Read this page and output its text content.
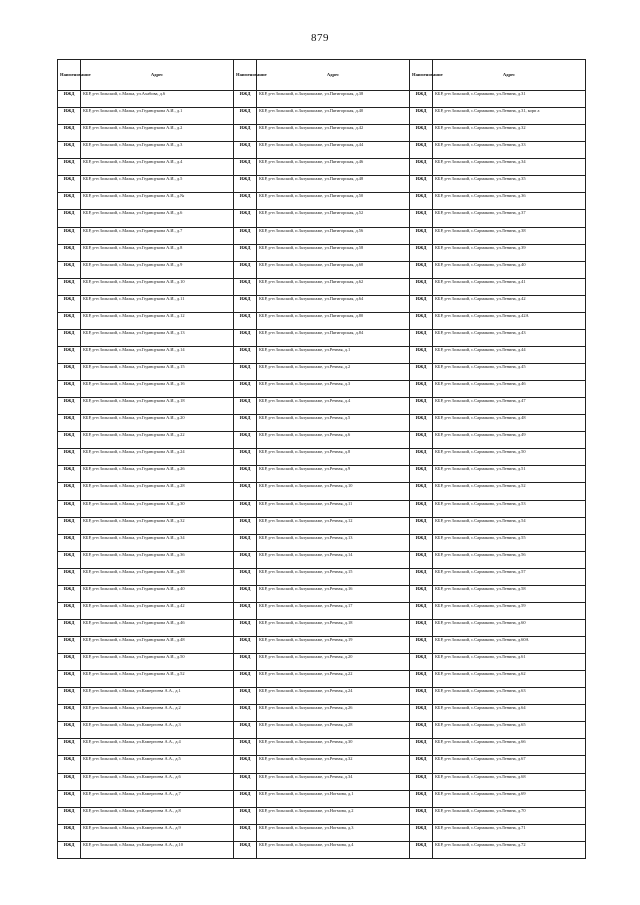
879
Наименование	Адрес	Наименование	Адрес	Наименование	Адрес
ИЖД	КБР, р-н Зольский, с.Малка, ул.Ахабова, д.6	ИЖД	КБР, р-н Зольский, п.Залукокоаже, ул.Пятигорская, д.38	ИЖД	КБР, р-н Зольский, с.Сармаково, ул.Ленина, д.31
ИЖД	КБР, р-н Зольский, с.Малка, ул.Геданцукова А.И., д.1	ИЖД	КБР, р-н Зольский, п.Залукокоаже, ул.Пятигорская, д.40	ИЖД	КБР, р-н Зольский, с.Сармаково, ул.Ленина, д.31, корп а
ИЖД	КБР, р-н Зольский, с.Малка, ул.Геданцукова А.И., д.2	ИЖД	КБР, р-н Зольский, п.Залукокоаже, ул.Пятигорская, д.42	ИЖД	КБР, р-н Зольский, с.Сармаково, ул.Ленина, д.32
ИЖД	КБР, р-н Зольский, с.Малка, ул.Геданцукова А.И., д.3	ИЖД	КБР, р-н Зольский, п.Залукокоаже, ул.Пятигорская, д.44	ИЖД	КБР, р-н Зольский, с.Сармаково, ул.Ленина, д.33
ИЖД	КБР, р-н Зольский, с.Малка, ул.Геданцукова А.И., д.4	ИЖД	КБР, р-н Зольский, п.Залукокоаже, ул.Пятигорская, д.46	ИЖД	КБР, р-н Зольский, с.Сармаково, ул.Ленина, д.34
ИЖД	КБР, р-н Зольский, с.Малка, ул.Геданцукова А.И., д.5	ИЖД	КБР, р-н Зольский, п.Залукокоаже, ул.Пятигорская, д.48	ИЖД	КБР, р-н Зольский, с.Сармаково, ул.Ленина, д.35
ИЖД	КБР, р-н Зольский, с.Малка, ул.Геданцукова А.И., д.№	ИЖД	КБР, р-н Зольский, п.Залукокоаже, ул.Пятигорская, д.50	ИЖД	КБР, р-н Зольский, с.Сармаково, ул.Ленина, д.36
ИЖД	КБР, р-н Зольский, с.Малка, ул.Геданцукова А.И., д.6	ИЖД	КБР, р-н Зольский, п.Залукокоаже, ул.Пятигорская, д.52	ИЖД	КБР, р-н Зольский, с.Сармаково, ул.Ленина, д.37
ИЖД	КБР, р-н Зольский, с.Малка, ул.Геданцукова А.И., д.7	ИЖД	КБР, р-н Зольский, п.Залукокоаже, ул.Пятигорская, д.56	ИЖД	КБР, р-н Зольский, с.Сармаково, ул.Ленина, д.38
ИЖД	КБР, р-н Зольский, с.Малка, ул.Геданцукова А.И., д.8	ИЖД	КБР, р-н Зольский, п.Залукокоаже, ул.Пятигорская, д.58	ИЖД	КБР, р-н Зольский, с.Сармаково, ул.Ленина, д.39
ИЖД	КБР, р-н Зольский, с.Малка, ул.Геданцукова А.И., д.9	ИЖД	КБР, р-н Зольский, п.Залукокоаже, ул.Пятигорская, д.60	ИЖД	КБР, р-н Зольский, с.Сармаково, ул.Ленина, д.40
ИЖД	КБР, р-н Зольский, с.Малка, ул.Геданцукова А.И., д.10	ИЖД	КБР, р-н Зольский, п.Залукокоаже, ул.Пятигорская, д.62	ИЖД	КБР, р-н Зольский, с.Сармаково, ул.Ленина, д.41
ИЖД	КБР, р-н Зольский, с.Малка, ул.Геданцукова А.И., д.11	ИЖД	КБР, р-н Зольский, п.Залукокоаже, ул.Пятигорская, д.64	ИЖД	КБР, р-н Зольский, с.Сармаково, ул.Ленина, д.42
ИЖД	КБР, р-н Зольский, с.Малка, ул.Геданцукова А.И., д.12	ИЖД	КБР, р-н Зольский, п.Залукокоаже, ул.Пятигорская, д.80	ИЖД	КБР, р-н Зольский, с.Сармаково, ул.Ленина, д.42А
ИЖД	КБР, р-н Зольский, с.Малка, ул.Геданцукова А.И., д.13	ИЖД	КБР, р-н Зольский, п.Залукокоаже, ул.Пятигорская, д.84	ИЖД	КБР, р-н Зольский, с.Сармаково, ул.Ленина, д.43
ИЖД	КБР, р-н Зольский, с.Малка, ул.Геданцукова А.И., д.14	ИЖД	КБР, р-н Зольский, п.Залукокоаже, ул.Речная, д.1	ИЖД	КБР, р-н Зольский, с.Сармаково, ул.Ленина, д.44
ИЖД	КБР, р-н Зольский, с.Малка, ул.Геданцукова А.И., д.15	ИЖД	КБР, р-н Зольский, п.Залукокоаже, ул.Речная, д.2	ИЖД	КБР, р-н Зольский, с.Сармаково, ул.Ленина, д.45
ИЖД	КБР, р-н Зольский, с.Малка, ул.Геданцукова А.И., д.16	ИЖД	КБР, р-н Зольский, п.Залукокоаже, ул.Речная, д.3	ИЖД	КБР, р-н Зольский, с.Сармаково, ул.Ленина, д.46
ИЖД	КБР, р-н Зольский, с.Малка, ул.Геданцукова А.И., д.18	ИЖД	КБР, р-н Зольский, п.Залукокоаже, ул.Речная, д.4	ИЖД	КБР, р-н Зольский, с.Сармаково, ул.Ленина, д.47
ИЖД	КБР, р-н Зольский, с.Малка, ул.Геданцукова А.И., д.20	ИЖД	КБР, р-н Зольский, п.Залукокоаже, ул.Речная, д.5	ИЖД	КБР, р-н Зольский, с.Сармаково, ул.Ленина, д.48
ИЖД	КБР, р-н Зольский, с.Малка, ул.Геданцукова А.И., д.22	ИЖД	КБР, р-н Зольский, п.Залукокоаже, ул.Речная, д.6	ИЖД	КБР, р-н Зольский, с.Сармаково, ул.Ленина, д.49
ИЖД	КБР, р-н Зольский, с.Малка, ул.Геданцукова А.И., д.24	ИЖД	КБР, р-н Зольский, п.Залукокоаже, ул.Речная, д.8	ИЖД	КБР, р-н Зольский, с.Сармаково, ул.Ленина, д.50
ИЖД	КБР, р-н Зольский, с.Малка, ул.Геданцукова А.И., д.26	ИЖД	КБР, р-н Зольский, п.Залукокоаже, ул.Речная, д.9	ИЖД	КБР, р-н Зольский, с.Сармаково, ул.Ленина, д.51
ИЖД	КБР, р-н Зольский, с.Малка, ул.Геданцукова А.И., д.28	ИЖД	КБР, р-н Зольский, п.Залукокоаже, ул.Речная, д.10	ИЖД	КБР, р-н Зольский, с.Сармаково, ул.Ленина, д.52
ИЖД	КБР, р-н Зольский, с.Малка, ул.Геданцукова А.И., д.30	ИЖД	КБР, р-н Зольский, п.Залукокоаже, ул.Речная, д.11	ИЖД	КБР, р-н Зольский, с.Сармаково, ул.Ленина, д.53
ИЖД	КБР, р-н Зольский, с.Малка, ул.Геданцукова А.И., д.32	ИЖД	КБР, р-н Зольский, п.Залукокоаже, ул.Речная, д.12	ИЖД	КБР, р-н Зольский, с.Сармаково, ул.Ленина, д.54
ИЖД	КБР, р-н Зольский, с.Малка, ул.Геданцукова А.И., д.34	ИЖД	КБР, р-н Зольский, п.Залукокоаже, ул.Речная, д.13	ИЖД	КБР, р-н Зольский, с.Сармаково, ул.Ленина, д.55
ИЖД	КБР, р-н Зольский, с.Малка, ул.Геданцукова А.И., д.36	ИЖД	КБР, р-н Зольский, п.Залукокоаже, ул.Речная, д.14	ИЖД	КБР, р-н Зольский, с.Сармаково, ул.Ленина, д.56
ИЖД	КБР, р-н Зольский, с.Малка, ул.Геданцукова А.И., д.38	ИЖД	КБР, р-н Зольский, п.Залукокоаже, ул.Речная, д.15	ИЖД	КБР, р-н Зольский, с.Сармаково, ул.Ленина, д.57
ИЖД	КБР, р-н Зольский, с.Малка, ул.Геданцукова А.И., д.40	ИЖД	КБР, р-н Зольский, п.Залукокоаже, ул.Речная, д.16	ИЖД	КБР, р-н Зольский, с.Сармаково, ул.Ленина, д.58
ИЖД	КБР, р-н Зольский, с.Малка, ул.Геданцукова А.И., д.42	ИЖД	КБР, р-н Зольский, п.Залукокоаже, ул.Речная, д.17	ИЖД	КБР, р-н Зольский, с.Сармаково, ул.Ленина, д.59
ИЖД	КБР, р-н Зольский, с.Малка, ул.Геданцукова А.И., д.46	ИЖД	КБР, р-н Зольский, п.Залукокоаже, ул.Речная, д.18	ИЖД	КБР, р-н Зольский, с.Сармаково, ул.Ленина, д.60
ИЖД	КБР, р-н Зольский, с.Малка, ул.Геданцукова А.И., д.48	ИЖД	КБР, р-н Зольский, п.Залукокоаже, ул.Речная, д.19	ИЖД	КБР, р-н Зольский, с.Сармаково, ул.Ленина, д.60А
ИЖД	КБР, р-н Зольский, с.Малка, ул.Геданцукова А.И., д.50	ИЖД	КБР, р-н Зольский, п.Залукокоаже, ул.Речная, д.20	ИЖД	КБР, р-н Зольский, с.Сармаково, ул.Ленина, д.61
ИЖД	КБР, р-н Зольский, с.Малка, ул.Геданцукова А.И., д.52	ИЖД	КБР, р-н Зольский, п.Залукокоаже, ул.Речная, д.22	ИЖД	КБР, р-н Зольский, с.Сармаково, ул.Ленина, д.62
ИЖД	КБР, р-н Зольский, с.Малка, ул.Камергоева А.А., д.1	ИЖД	КБР, р-н Зольский, п.Залукокоаже, ул.Речная, д.24	ИЖД	КБР, р-н Зольский, с.Сармаково, ул.Ленина, д.63
ИЖД	КБР, р-н Зольский, с.Малка, ул.Камергоева А.А., д.2	ИЖД	КБР, р-н Зольский, п.Залукокоаже, ул.Речная, д.26	ИЖД	КБР, р-н Зольский, с.Сармаково, ул.Ленина, д.64
ИЖД	КБР, р-н Зольский, с.Малка, ул.Камергоева А.А., д.3	ИЖД	КБР, р-н Зольский, п.Залукокоаже, ул.Речная, д.28	ИЖД	КБР, р-н Зольский, с.Сармаково, ул.Ленина, д.65
ИЖД	КБР, р-н Зольский, с.Малка, ул.Камергоева А.А., д.4	ИЖД	КБР, р-н Зольский, п.Залукокоаже, ул.Речная, д.30	ИЖД	КБР, р-н Зольский, с.Сармаково, ул.Ленина, д.66
ИЖД	КБР, р-н Зольский, с.Малка, ул.Камергоева А.А., д.5	ИЖД	КБР, р-н Зольский, п.Залукокоаже, ул.Речная, д.32	ИЖД	КБР, р-н Зольский, с.Сармаково, ул.Ленина, д.67
ИЖД	КБР, р-н Зольский, с.Малка, ул.Камергоева А.А., д.6	ИЖД	КБР, р-н Зольский, п.Залукокоаже, ул.Речная, д.34	ИЖД	КБР, р-н Зольский, с.Сармаково, ул.Ленина, д.68
ИЖД	КБР, р-н Зольский, с.Малка, ул.Камергоева А.А., д.7	ИЖД	КБР, р-н Зольский, п.Залукокоаже, ул.Ногмова, д.1	ИЖД	КБР, р-н Зольский, с.Сармаково, ул.Ленина, д.69
ИЖД	КБР, р-н Зольский, с.Малка, ул.Камергоева А.А., д.8	ИЖД	КБР, р-н Зольский, п.Залукокоаже, ул.Ногмова, д.2	ИЖД	КБР, р-н Зольский, с.Сармаково, ул.Ленина, д.70
ИЖД	КБР, р-н Зольский, с.Малка, ул.Камергоева А.А., д.9	ИЖД	КБР, р-н Зольский, п.Залукокоаже, ул.Ногмова, д.3	ИЖД	КБР, р-н Зольский, с.Сармаково, ул.Ленина, д.71
ИЖД	КБР, р-н Зольский, с.Малка, ул.Камергоева А.А., д.10	ИЖД	КБР, р-н Зольский, п.Залукокоаже, ул.Ногмова, д.4	ИЖД	КБР, р-н Зольский, с.Сармаково, ул.Ленина, д.72
